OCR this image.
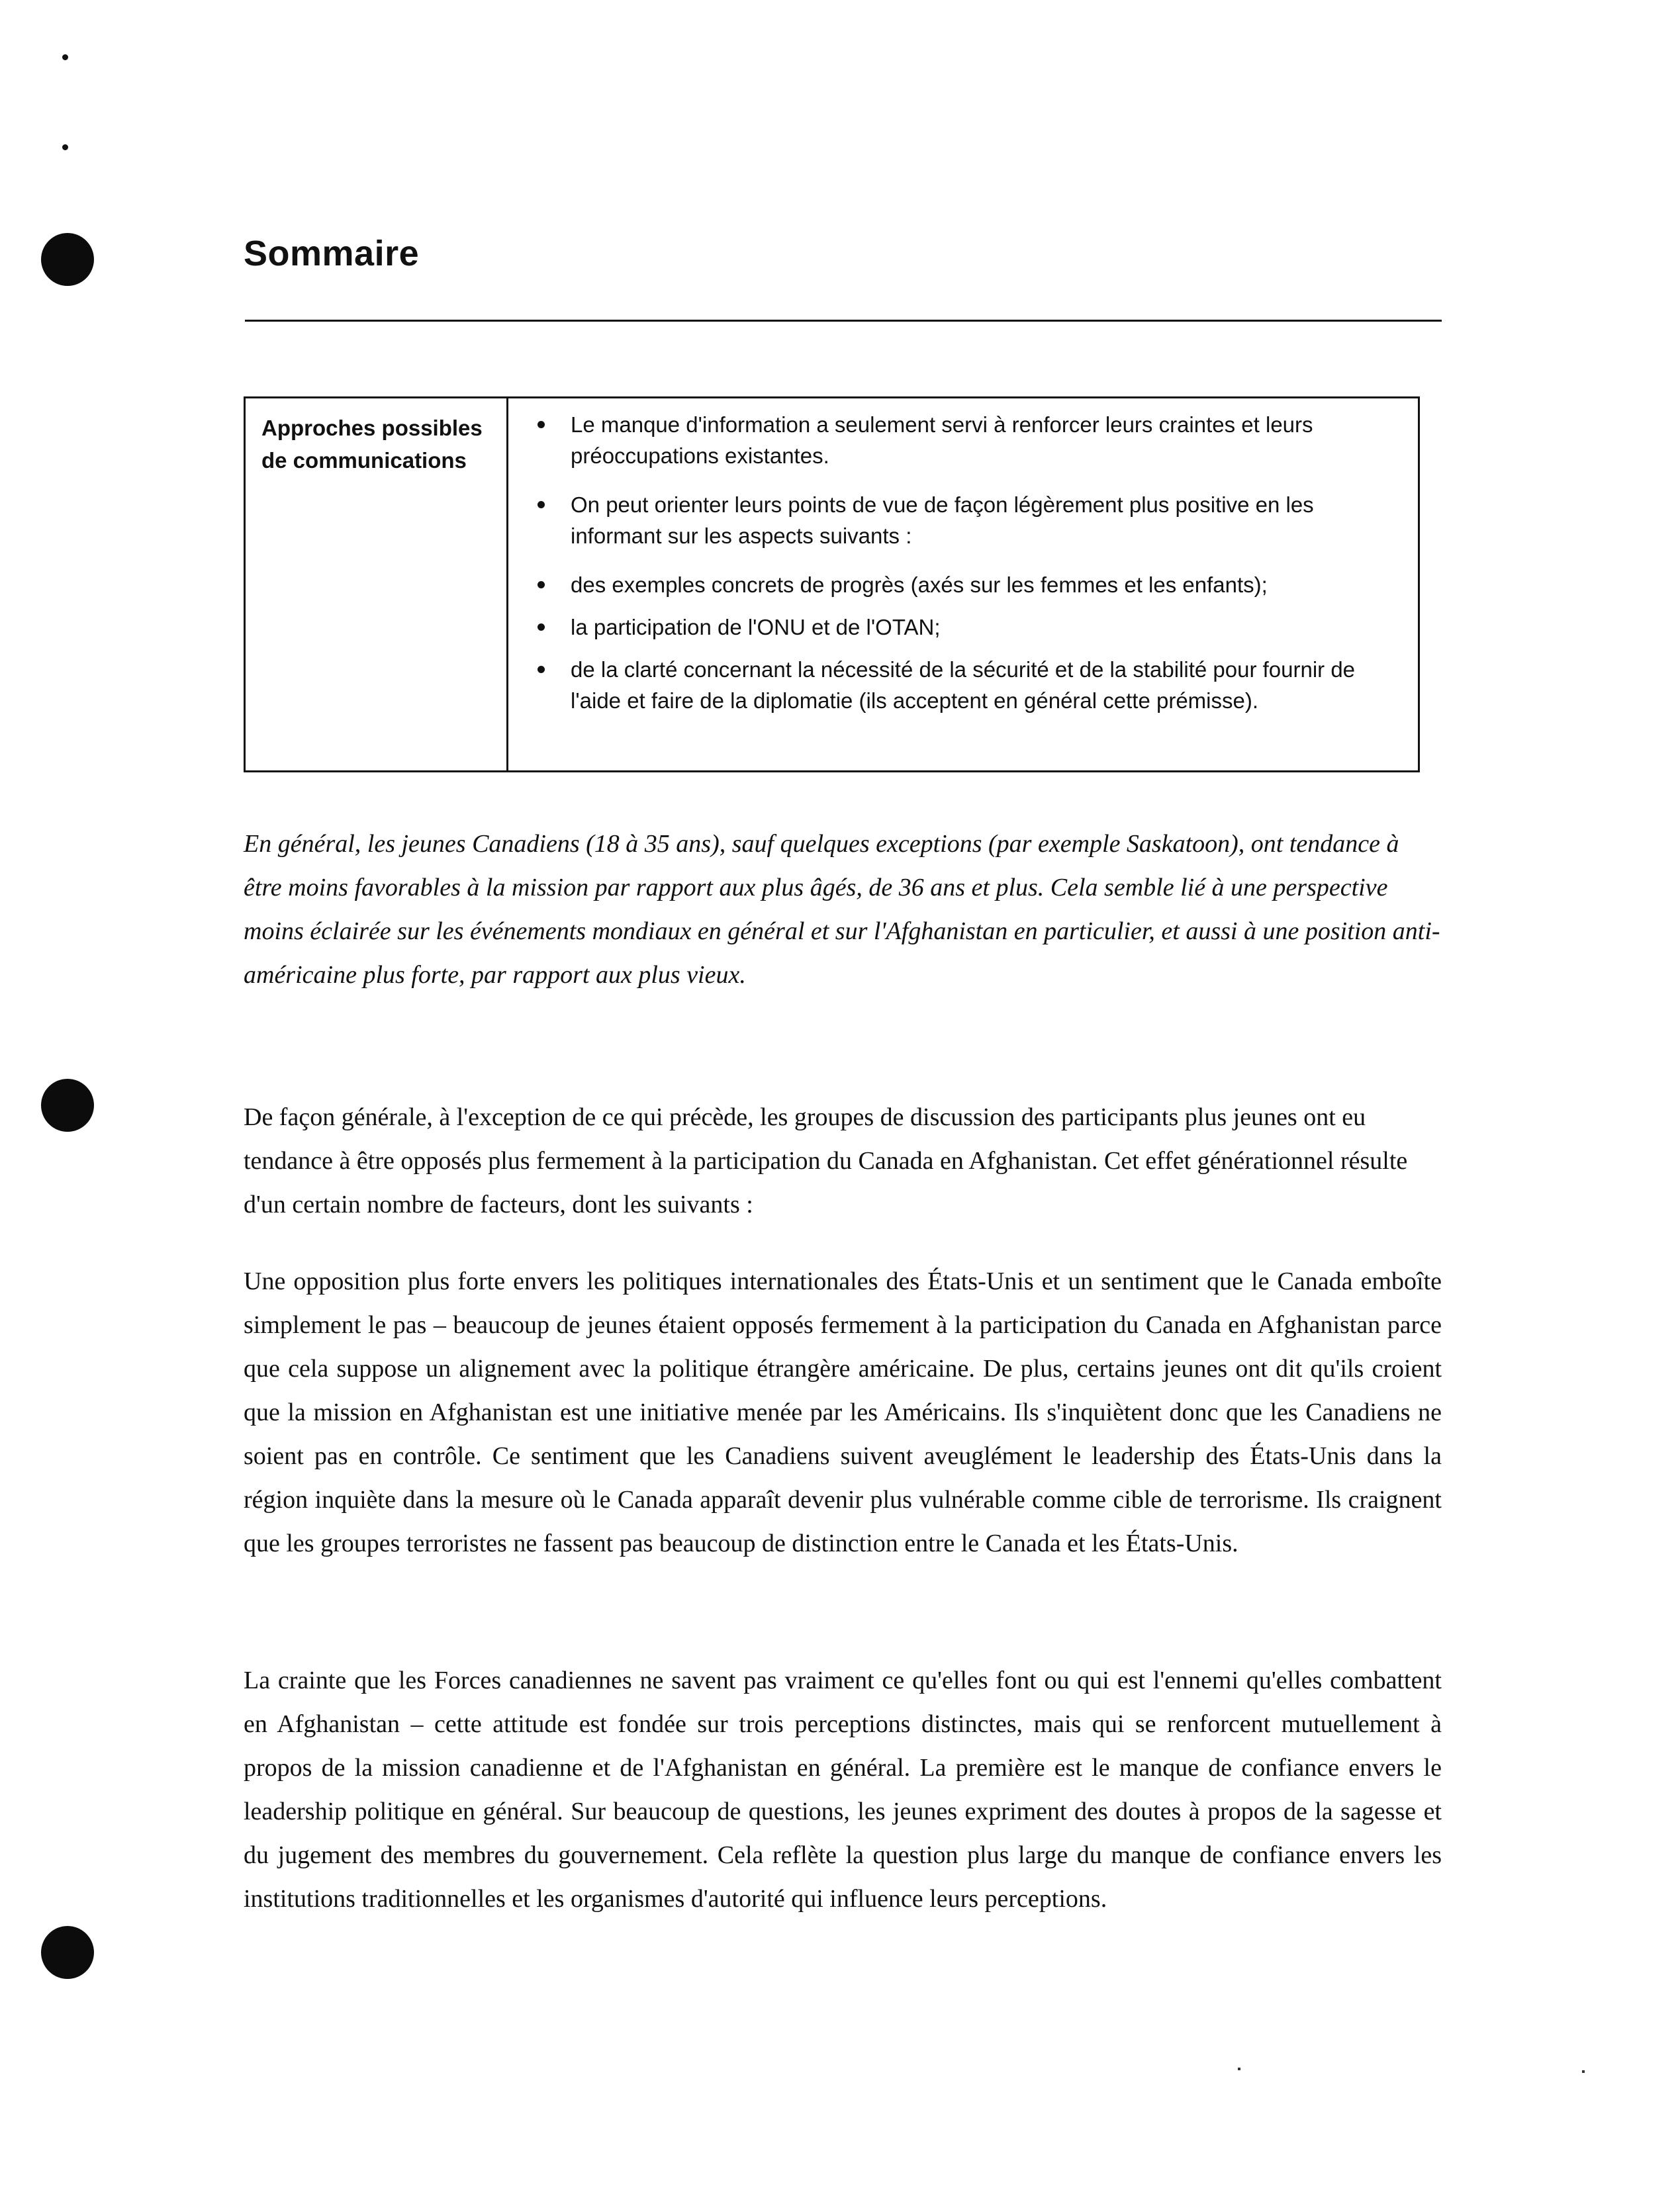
Sommaire
Approches possibles de communications
Le manque d'information a seulement servi à renforcer leurs craintes et leurs préoccupations existantes.
On peut orienter leurs points de vue de façon légèrement plus positive en les informant sur les aspects suivants :
des exemples concrets de progrès (axés sur les femmes et les enfants);
la participation de l'ONU et de l'OTAN;
de la clarté concernant la nécessité de la sécurité et de la stabilité pour fournir de l'aide et faire de la diplomatie (ils acceptent en général cette prémisse).

En général, les jeunes Canadiens (18 à 35 ans), sauf quelques exceptions (par exemple Saskatoon), ont tendance à être moins favorables à la mission par rapport aux plus âgés, de 36 ans et plus. Cela semble lié à une perspective moins éclairée sur les événements mondiaux en général et sur l'Afghanistan en particulier, et aussi à une position anti-américaine plus forte, par rapport aux plus vieux.

De façon générale, à l'exception de ce qui précède, les groupes de discussion des participants plus jeunes ont eu tendance à être opposés plus fermement à la participation du Canada en Afghanistan. Cet effet générationnel résulte d'un certain nombre de facteurs, dont les suivants :

Une opposition plus forte envers les politiques internationales des États-Unis et un sentiment que le Canada emboîte simplement le pas – beaucoup de jeunes étaient opposés fermement à la participation du Canada en Afghanistan parce que cela suppose un alignement avec la politique étrangère américaine. De plus, certains jeunes ont dit qu'ils croient que la mission en Afghanistan est une initiative menée par les Américains. Ils s'inquiètent donc que les Canadiens ne soient pas en contrôle. Ce sentiment que les Canadiens suivent aveuglément le leadership des États-Unis dans la région inquiète dans la mesure où le Canada apparaît devenir plus vulnérable comme cible de terrorisme. Ils craignent que les groupes terroristes ne fassent pas beaucoup de distinction entre le Canada et les États-Unis.

La crainte que les Forces canadiennes ne savent pas vraiment ce qu'elles font ou qui est l'ennemi qu'elles combattent en Afghanistan – cette attitude est fondée sur trois perceptions distinctes, mais qui se renforcent mutuellement à propos de la mission canadienne et de l'Afghanistan en général. La première est le manque de confiance envers le leadership politique en général. Sur beaucoup de questions, les jeunes expriment des doutes à propos de la sagesse et du jugement des membres du gouvernement. Cela reflète la question plus large du manque de confiance envers les institutions traditionnelles et les organismes d'autorité qui influence leurs perceptions.
